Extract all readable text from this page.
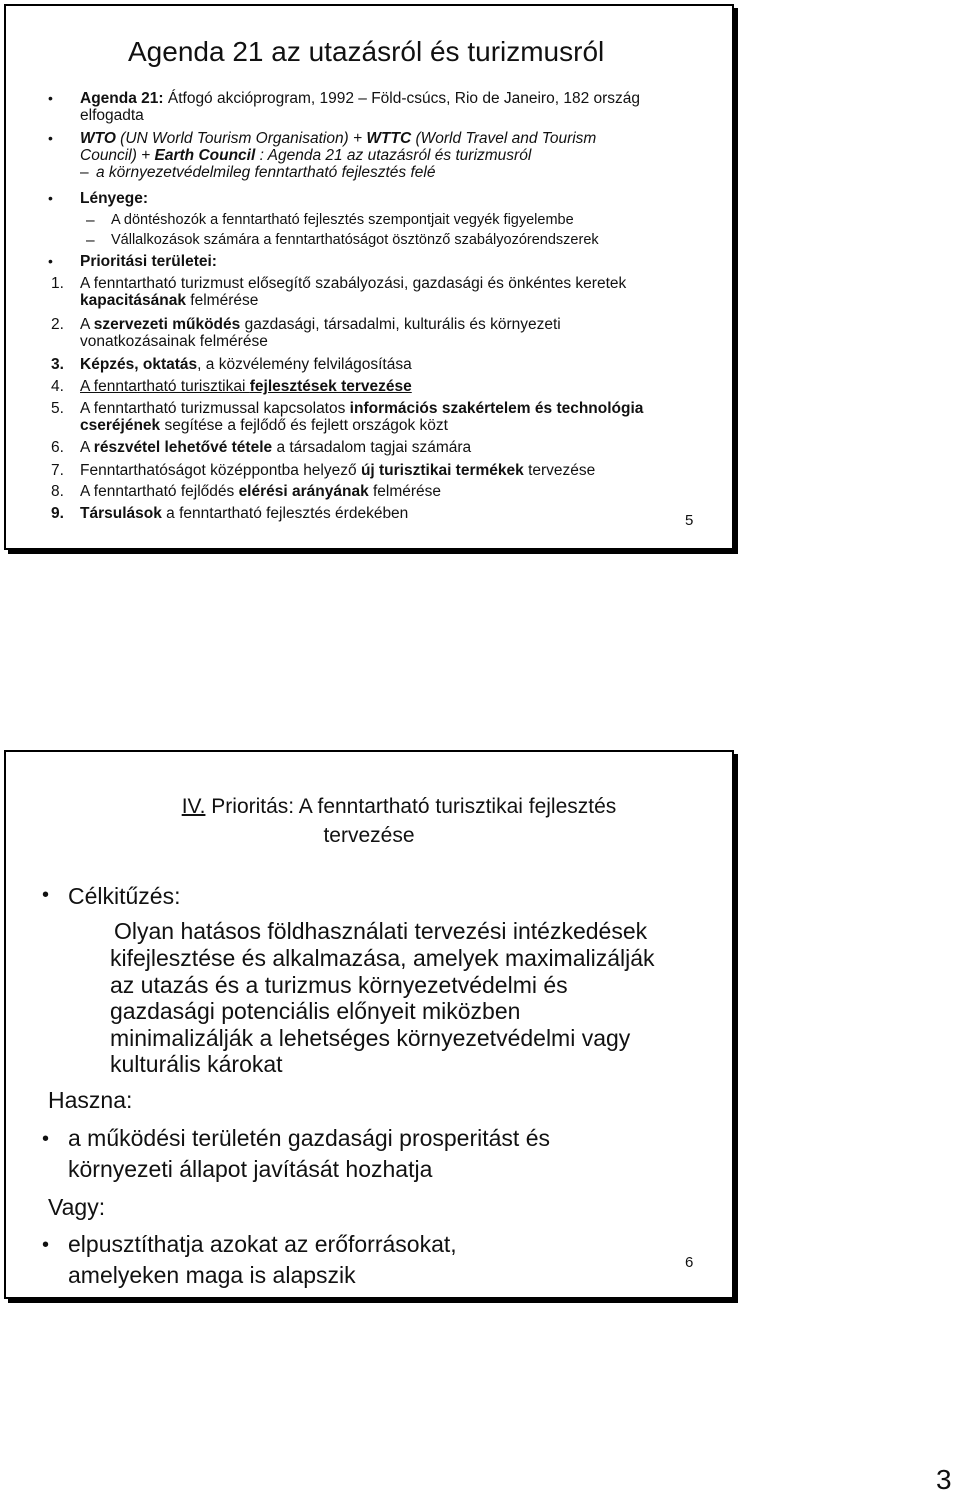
Agenda 21 az utazásról és turizmusról
• Agenda 21: Átfogó akcióprogram, 1992 – Föld-csúcs, Rio de Janeiro, 182 ország elfogadta
• WTO (UN World Tourism Organisation) + WTTC (World Travel and Tourism Council) + Earth Council : Agenda 21 az utazásról és turizmusról
– a környezetvédelmileg fenntartható fejlesztés felé
• Lényege:
– A döntéshozók a fenntartható fejlesztés szempontjait vegyék figyelembe
– Vállalkozások számára a fenntarthatóságot ösztönző szabályozórendszerek
• Prioritási területei:
1. A fenntartható turizmust elősegítő szabályozási, gazdasági és önkéntes keretek kapacitásának felmérése
2. A szervezeti működés gazdasági, társadalmi, kulturális és környezeti vonatkozásainak felmérése
3. Képzés, oktatás, a közvélemény felvilágosítása
4. A fenntartható turisztikai fejlesztések tervezése
5. A fenntartható turizmussal kapcsolatos információs szakértelem és technológia cseréjének segítése a fejlődő és fejlett országok közt
6. A részvétel lehetővé tétele a társadalom tagjai számára
7. Fenntarthatóságot középpontba helyező új turisztikai termékek tervezése
8. A fenntartható fejlődés elérési arányának felmérése
9. Társulások a fenntartható fejlesztés érdekében	5
IV. Prioritás: A fenntartható turisztikai fejlesztés
tervezése
• Célkitűzés:
Olyan hatásos földhasználati tervezési intézkedések
kifejlesztése és alkalmazása, amelyek maximalizálják
az utazás és a turizmus környezetvédelmi és
gazdasági potenciális előnyeit miközben
minimalizálják a lehetséges környezetvédelmi vagy
kulturális károkat
Haszna:
• a működési területén gazdasági prosperitást és
környezeti állapot javítását hozhatja
Vagy:
• elpusztíthatja azokat az erőforrásokat,
amelyeken maga is alapszik	6
3
